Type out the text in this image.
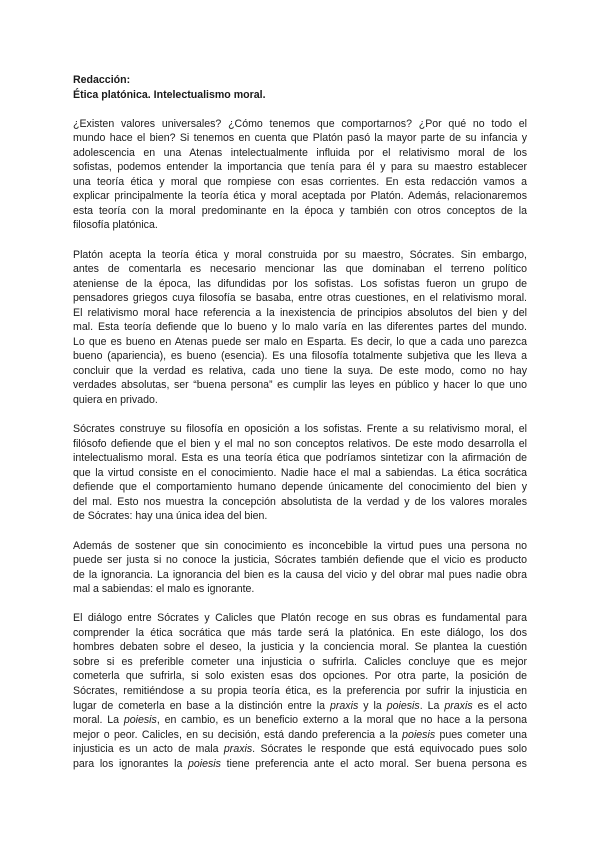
Redacción:
Ética platónica. Intelectualismo moral.
¿Existen valores universales? ¿Cómo tenemos que comportarnos? ¿Por qué no todo el
mundo hace el bien? Si tenemos en cuenta que Platón pasó la mayor parte de su infancia y
adolescencia en una Atenas intelectualmente influida por el relativismo moral de los
sofistas, podemos entender la importancia que tenía para él y para su maestro establecer
una teoría ética y moral que rompiese con esas corrientes. En esta redacción vamos a
explicar principalmente la teoría ética y moral aceptada por Platón. Además, relacionaremos
esta teoría con la moral predominante en la época y también con otros conceptos de la
filosofía platónica.
Platón acepta la teoría ética y moral construida por su maestro, Sócrates. Sin embargo,
antes de comentarla es necesario mencionar las que dominaban el terreno político
ateniense de la época, las difundidas por los sofistas. Los sofistas fueron un grupo de
pensadores griegos cuya filosofía se basaba, entre otras cuestiones, en el relativismo moral.
El relativismo moral hace referencia a la inexistencia de principios absolutos del bien y del
mal. Esta teoría defiende que lo bueno y lo malo varía en las diferentes partes del mundo.
Lo que es bueno en Atenas puede ser malo en Esparta. Es decir, lo que a cada uno parezca
bueno (apariencia), es bueno (esencia). Es una filosofía totalmente subjetiva que les lleva a
concluir que la verdad es relativa, cada uno tiene la suya. De este modo, como no hay
verdades absolutas, ser “buena persona” es cumplir las leyes en público y hacer lo que uno
quiera en privado.
Sócrates construye su filosofía en oposición a los sofistas. Frente a su relativismo moral, el
filósofo defiende que el bien y el mal no son conceptos relativos. De este modo desarrolla el
intelectualismo moral. Esta es una teoría ética que podríamos sintetizar con la afirmación de
que la virtud consiste en el conocimiento. Nadie hace el mal a sabiendas. La ética socrática
defiende que el comportamiento humano depende únicamente del conocimiento del bien y
del mal. Esto nos muestra la concepción absolutista de la verdad y de los valores morales
de Sócrates: hay una única idea del bien.
Además de sostener que sin conocimiento es inconcebible la virtud pues una persona no
puede ser justa si no conoce la justicia, Sócrates también defiende que el vicio es producto
de la ignorancia. La ignorancia del bien es la causa del vicio y del obrar mal pues nadie obra
mal a sabiendas: el malo es ignorante.
El diálogo entre Sócrates y Calicles que Platón recoge en sus obras es fundamental para
comprender la ética socrática que más tarde será la platónica. En este diálogo, los dos
hombres debaten sobre el deseo, la justicia y la conciencia moral. Se plantea la cuestión
sobre si es preferible cometer una injusticia o sufrirla. Calicles concluye que es mejor
cometerla que sufrirla, si solo existen esas dos opciones. Por otra parte, la posición de
Sócrates, remitiéndose a su propia teoría ética, es la preferencia por sufrir la injusticia en
lugar de cometerla en base a la distinción entre la praxis y la poiesis. La praxis es el acto
moral. La poiesis, en cambio, es un beneficio externo a la moral que no hace a la persona
mejor o peor. Calicles, en su decisión, está dando preferencia a la poiesis pues cometer una
injusticia es un acto de mala praxis. Sócrates le responde que está equivocado pues solo
para los ignorantes la poiesis tiene preferencia ante el acto moral. Ser buena persona es
